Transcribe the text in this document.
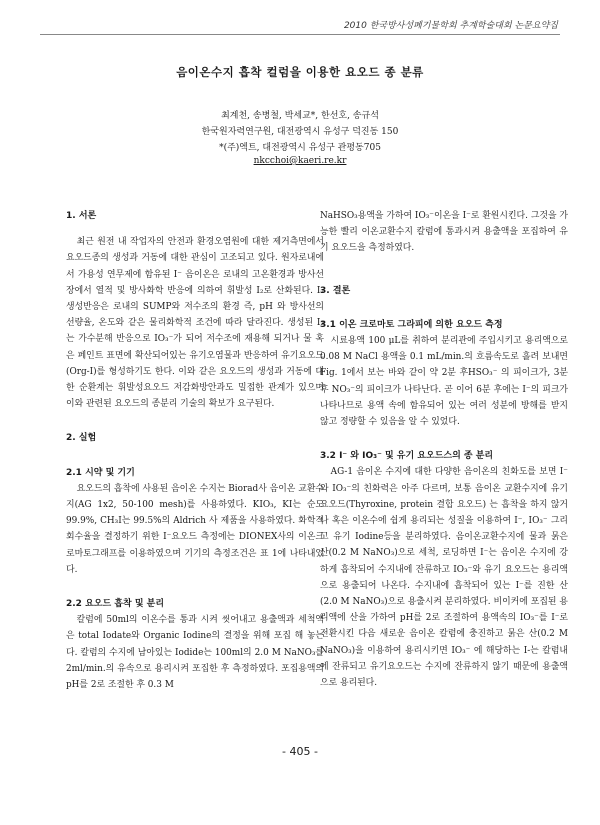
2010 한국방사성폐기물학회 추계학술대회 논문요약집
음이온수지 흡착 컬럼을 이용한 요오드 종 분류
최계천, 송병철, 박세교*, 한선호, 송규석
한국원자력연구원, 대전광역시 유성구 덕진동 150
*(주)엑트, 대전광역시 유성구 관평동705
nkcchoi@kaeri.re.kr

1. 서론

최근 원전 내 작업자의 안전과 환경오염원에 대한 제거측면에서 요오드종의 생성과 거동에 대한 관심이 고조되고 있다. 원자로내에서 가용성 연무제에 함유된 I⁻ 음이온은 로내의 고온환경과 방사선장에서 열적 및 방사화학 반응에 의하여 휘발성 I₂로 산화된다. I₂ 생성반응은 로내의 SUMP와 저수조의 환경 즉, pH 와 방사선의 선량율, 온도와 같은 물리화학적 조건에 따라 달라진다. 생성된 I₂는 가수분해 반응으로 IO₃⁻가 되어 저수조에 재용해 되거나 물 혹은 페인트 표면에 확산되어있는 유기오염물과 반응하여 유기요오드(Org-I)를 형성하기도 한다. 이와 같은 요오드의 생성과 거동에 대한 순환계는 휘발성요오드 저감화방안과도 밀접한 관계가 있으며 이와 관련된 요오드의 종분리 기술의 확보가 요구된다.

2. 실험

2.1 시약 및 기기

요오드의 흡착에 사용된 음이온 수지는 Biorad사 음이온 교환수지(AG 1x2, 50-100 mesh)를 사용하였다. KIO₃, KI는 순도 99.9%, CH₃I는 99.5%의 Aldrich 사 제품을 사용하였다. 화학적 회수율을 결정하기 위한 I⁻요오드 측정에는 DIONEX사의 이온크로마토그래프를 이용하였으며 기기의 측정조건은 표 1에 나타내었다.

2.2 요오드 흡착 및 분리

칼럼에 50ml의 이온수를 통과 시켜 씻어내고 용출액과 세척액은 total Iodate와 Organic Iodine의 결정을 위해 포집 해 놓는다. 칼럼의 수지에 남아있는 Iodide는 100ml의 2.0 M NaNO₃를 2ml/min.의 유속으로 용리시켜 포집한 후 측정하였다. 포집용액의 pH를 2로 조절한 후 0.3 M

NaHSO₃용액을 가하여 IO₃⁻이온을 I⁻로 환원시킨다. 그것을 가능한 빨리 이온교환수지 칼럼에 통과시켜 용출액을 포집하여 유기 요오드을 측정하였다.

3. 결론

3.1 이온 크로마토 그라피에 의한 요오드 측정

시료용액 100 μL를 취하여 분리관에 주입시키고 용리액으로 0.08 M NaCl 용액을 0.1 mL/min.의 흐름속도로 흘려 보내면 Fig. 1에서 보는 바와 같이 약 2분 후HSO₃⁻ 의 피이크가, 3분 후 NO₃⁻의 피이크가 나타난다. 곧 이어 6분 후에는 I⁻의 피크가 나타나므로 용액 속에 함유되어 있는 여러 성분에 방해를 받지 않고 정량할 수 있음을 알 수 있었다.

3.2 I⁻ 와 IO₃⁻ 및 유기 요오드스의 종 분리

AG-1 음이온 수지에 대한 다양한 음이온의 친화도를 보면 I⁻와 IO₃⁻의 친화력은 아주 다르며, 보통 음이온 교환수지에 유기요오드(Thyroxine, protein 결합 요오드) 는 흡착을 하지 않거나 혹은 이온수에 쉽게 용리되는 성질을 이용하여 I⁻, IO₃⁻ 그리고 유기 Iodine등을 분리하였다. 음이온교환수지에 물과 묽은 산(0.2 M NaNO₃)으로 세척, 로딩하면 I⁻는 음이온 수지에 강하게 흡착되어 수지내에 잔류하고 IO₃⁻와 유기 요오드는 용리액으로 용출되어 나온다. 수지내에 흡착되어 있는 I⁻를 진한 산(2.0 M NaNO₃)으로 용출시켜 분리하였다. 비이커에 포집된 용리액에 산을 가하여 pH를 2로 조절하여 용액속의 IO₃⁻를 I⁻로 전환시킨 다음 새로운 음이온 칼럼에 충진하고 묽은 산(0.2 M NaNO₃)을 이용하여 용리시키면 IO₃⁻ 에 해당하는 I-는 칼럼내에 잔류되고 유기요오드는 수지에 잔류하지 않기 때문에 용출액으로 용리된다.

- 405 -
